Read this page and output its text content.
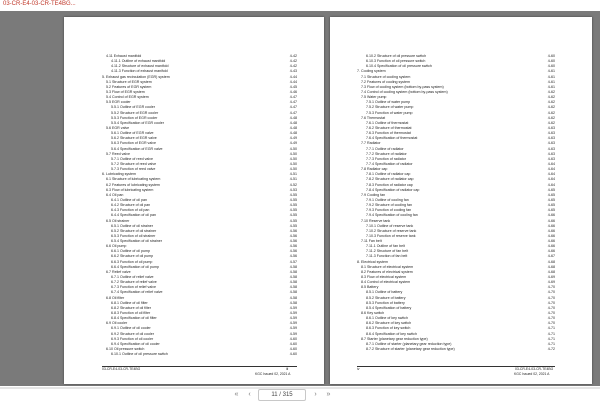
03-CR-E4-03-CR-TE4BG...
4.11 Exhaust manifold	4-42
4.11.1 Outline of exhaust manifold	4-42
4.11.2 Structure of exhaust manifold	4-42
4.11.3 Function of exhaust manifold	4-43
5. Exhaust gas recirculation (EGR) system	4-44
5.1 Structure of EGR system	4-44
5.2 Features of EGR system	4-45
5.3 Flow of EGR system	4-46
5.4 Control of EGR system	4-47
5.5 EGR cooler	4-47
5.5.1 Outline of EGR cooler	4-47
5.5.2 Structure of EGR cooler	4-47
5.5.3 Function of EGR cooler	4-48
5.5.4 Specification of EGR cooler	4-48
5.6 EGR valve	4-48
5.6.1 Outline of EGR valve	4-48
5.6.2 Structure of EGR valve	4-49
5.6.3 Function of EGR valve	4-49
5.6.4 Specification of EGR valve	4-50
5.7 Reed valve	4-50
5.7.1 Outline of reed valve	4-50
5.7.2 Structure of reed valve	4-50
5.7.3 Function of reed valve	4-50
6. Lubricating system	4-51
6.1 Structure of lubricating system	4-51
6.2 Features of lubricating system	4-52
6.3 Flow of lubricating system	4-53
6.4 Oil pan	4-55
6.4.1 Outline of oil pan	4-55
6.4.2 Structure of oil pan	4-55
6.4.3 Function of oil pan	4-55
6.4.4 Specification of oil pan	4-55
6.5 Oil strainer	4-55
6.5.1 Outline of oil strainer	4-55
6.5.2 Structure of oil strainer	4-56
6.5.3 Function of oil strainer	4-56
6.5.4 Specification of oil strainer	4-56
6.6 Oil pump	4-56
6.6.1 Outline of oil pump	4-56
6.6.2 Structure of oil pump	4-56
6.6.3 Function of oil pump	4-57
6.6.4 Specification of oil pump	4-58
6.7 Relief valve	4-58
6.7.1 Outline of relief valve	4-58
6.7.2 Structure of relief valve	4-58
6.7.3 Function of relief valve	4-58
6.7.4 Specification of relief valve	4-58
6.8 Oil filter	4-58
6.8.1 Outline of oil filter	4-58
6.8.2 Structure of oil filter	4-59
6.8.3 Function of oil filter	4-59
6.8.4 Specification of oil filter	4-59
6.9 Oil cooler	4-59
6.9.1 Outline of oil cooler	4-59
6.9.2 Structure of oil cooler	4-59
6.9.3 Function of oil cooler	4-60
6.9.4 Specification of oil cooler	4-60
6.10 Oil pressure switch	4-60
6.10.1 Outline of oil pressure switch	4-60
03-CR-E4-03-CR-TE4BG	iii
KGC Issued 02, 2021 A
6.10.2 Structure of oil pressure switch	4-60
6.10.3 Function of oil pressure switch	4-60
6.10.4 Specification of oil pressure switch	4-60
7. Cooling system	4-61
7.1 Structure of cooling system	4-61
7.2 Features of cooling system	4-61
7.3 Flow of cooling system (bottom by-pass system)	4-61
7.4 Control of cooling system (bottom by-pass system)	4-62
7.5 Water pump	4-62
7.5.1 Outline of water pump	4-62
7.5.2 Structure of water pump	4-62
7.5.3 Function of water pump	4-62
7.6 Thermostat	4-62
7.6.1 Outline of thermostat	4-62
7.6.2 Structure of thermostat	4-63
7.6.3 Function of thermostat	4-63
7.6.4 Specification of thermostat	4-63
7.7 Radiator	4-63
7.7.1 Outline of radiator	4-63
7.7.2 Structure of radiator	4-63
7.7.3 Function of radiator	4-63
7.7.4 Specification of radiator	4-64
7.8 Radiator cap	4-64
7.8.1 Outline of radiator cap	4-64
7.8.2 Structure of radiator cap	4-64
7.8.3 Function of radiator cap	4-64
7.8.4 Specification of radiator cap	4-65
7.9 Cooling fan	4-65
7.9.1 Outline of cooling fan	4-65
7.9.2 Structure of cooling fan	4-65
7.9.3 Function of cooling fan	4-65
7.9.4 Specification of cooling fan	4-66
7.10 Reserve tank	4-66
7.10.1 Outline of reserve tank	4-66
7.10.2 Structure of reserve tank	4-66
7.10.3 Function of reserve tank	4-66
7.11 Fan belt	4-66
7.11.1 Outline of fan belt	4-66
7.11.2 Structure of fan belt	4-66
7.11.3 Function of fan belt	4-67
8. Electrical system	4-68
8.1 Structure of electrical system	4-68
8.2 Features of electrical system	4-68
8.3 Flow of electrical system	4-69
8.4 Control of electrical system	4-69
8.5 Battery	4-70
8.5.1 Outline of battery	4-70
8.5.2 Structure of battery	4-70
8.5.3 Function of battery	4-70
8.5.4 Specification of battery	4-70
8.6 Key switch	4-70
8.6.1 Outline of key switch	4-70
8.6.2 Structure of key switch	4-70
8.6.3 Function of key switch	4-71
8.6.4 Specification of key switch	4-71
8.7 Starter (planetary gear reduction type)	4-71
8.7.1 Outline of starter (planetary gear reduction type)	4-71
8.7.2 Structure of starter (planetary gear reduction type)	4-72
iv	03-CR-E4-03-CR-TE4BG
KGC Issued 02, 2021 A
«	‹	11 / 315	›	»
